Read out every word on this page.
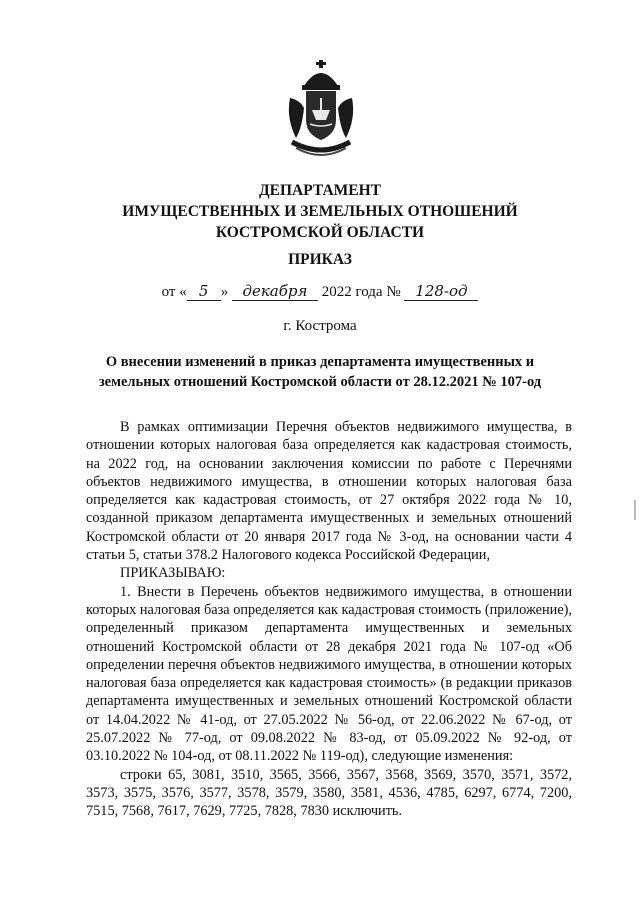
ДЕПАРТАМЕНТ
ИМУЩЕСТВЕННЫХ И ЗЕМЕЛЬНЫХ ОТНОШЕНИЙ
КОСТРОМСКОЙ ОБЛАСТИ
ПРИКАЗ
от « 5 » декабря 2022 года № 128-од
г. Кострома
О внесении изменений в приказ департамента имущественных и
земельных отношений Костромской области от 28.12.2021 № 107-од

В рамках оптимизации Перечня объектов недвижимого имущества, в отношении которых налоговая база определяется как кадастровая стоимость, на 2022 год, на основании заключения комиссии по работе с Перечнями объектов недвижимого имущества, в отношении которых налоговая база определяется как кадастровая стоимость, от 27 октября 2022 года № 10, созданной приказом департамента имущественных и земельных отношений Костромской области от 20 января 2017 года № 3-од, на основании части 4 статьи 5, статьи 378.2 Налогового кодекса Российской Федерации,

ПРИКАЗЫВАЮ:

1. Внести в Перечень объектов недвижимого имущества, в отношении которых налоговая база определяется как кадастровая стоимость (приложение), определенный приказом департамента имущественных и земельных отношений Костромской области от 28 декабря 2021 года № 107-од «Об определении перечня объектов недвижимого имущества, в отношении которых налоговая база определяется как кадастровая стоимость» (в редакции приказов департамента имущественных и земельных отношений Костромской области от 14.04.2022 № 41-од, от 27.05.2022 № 56-од, от 22.06.2022 № 67-од, от 25.07.2022 № 77-од, от 09.08.2022 № 83-од, от 05.09.2022 № 92-од, от 03.10.2022 № 104-од, от 08.11.2022 № 119-од), следующие изменения:

строки 65, 3081, 3510, 3565, 3566, 3567, 3568, 3569, 3570, 3571, 3572, 3573, 3575, 3576, 3577, 3578, 3579, 3580, 3581, 4536, 4785, 6297, 6774, 7200, 7515, 7568, 7617, 7629, 7725, 7828, 7830 исключить.
